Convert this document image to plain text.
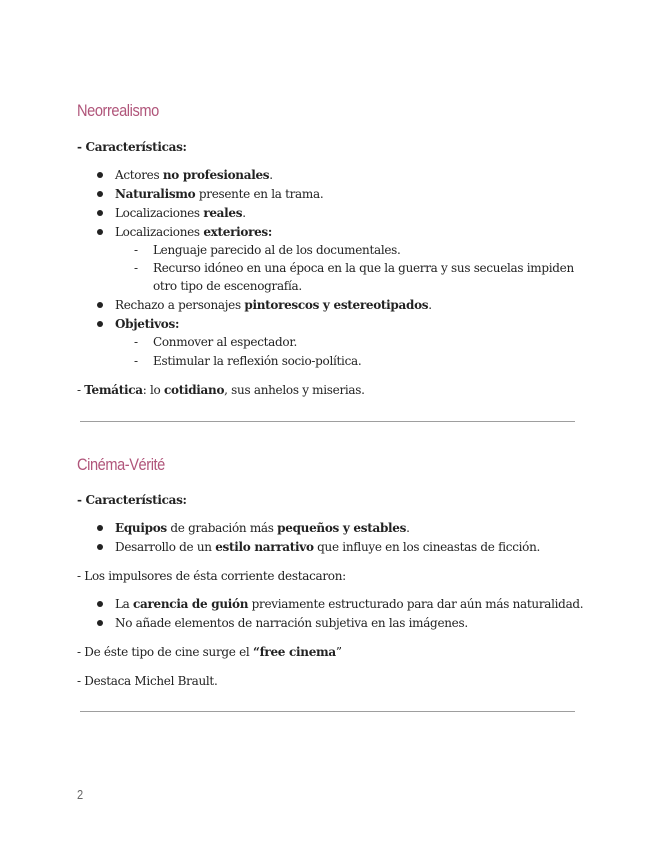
Neorrealismo
- Características:
Actores no profesionales.
Naturalismo presente en la trama.
Localizaciones reales.
Localizaciones exteriores:
- Lenguaje parecido al de los documentales.
- Recurso idóneo en una época en la que la guerra y sus secuelas impiden
otro tipo de escenografía.
Rechazo a personajes pintorescos y estereotipados.
Objetivos:
- Conmover al espectador.
- Estimular la reflexión socio-política.
- Temática: lo cotidiano, sus anhelos y miserias.
Cinéma-Vérité
- Características:
Equipos de grabación más pequeños y estables.
Desarrollo de un estilo narrativo que influye en los cineastas de ficción.
- Los impulsores de ésta corriente destacaron:
La carencia de guión previamente estructurado para dar aún más naturalidad.
No añade elementos de narración subjetiva en las imágenes.
- De éste tipo de cine surge el “free cinema”
- Destaca Michel Brault.
2
